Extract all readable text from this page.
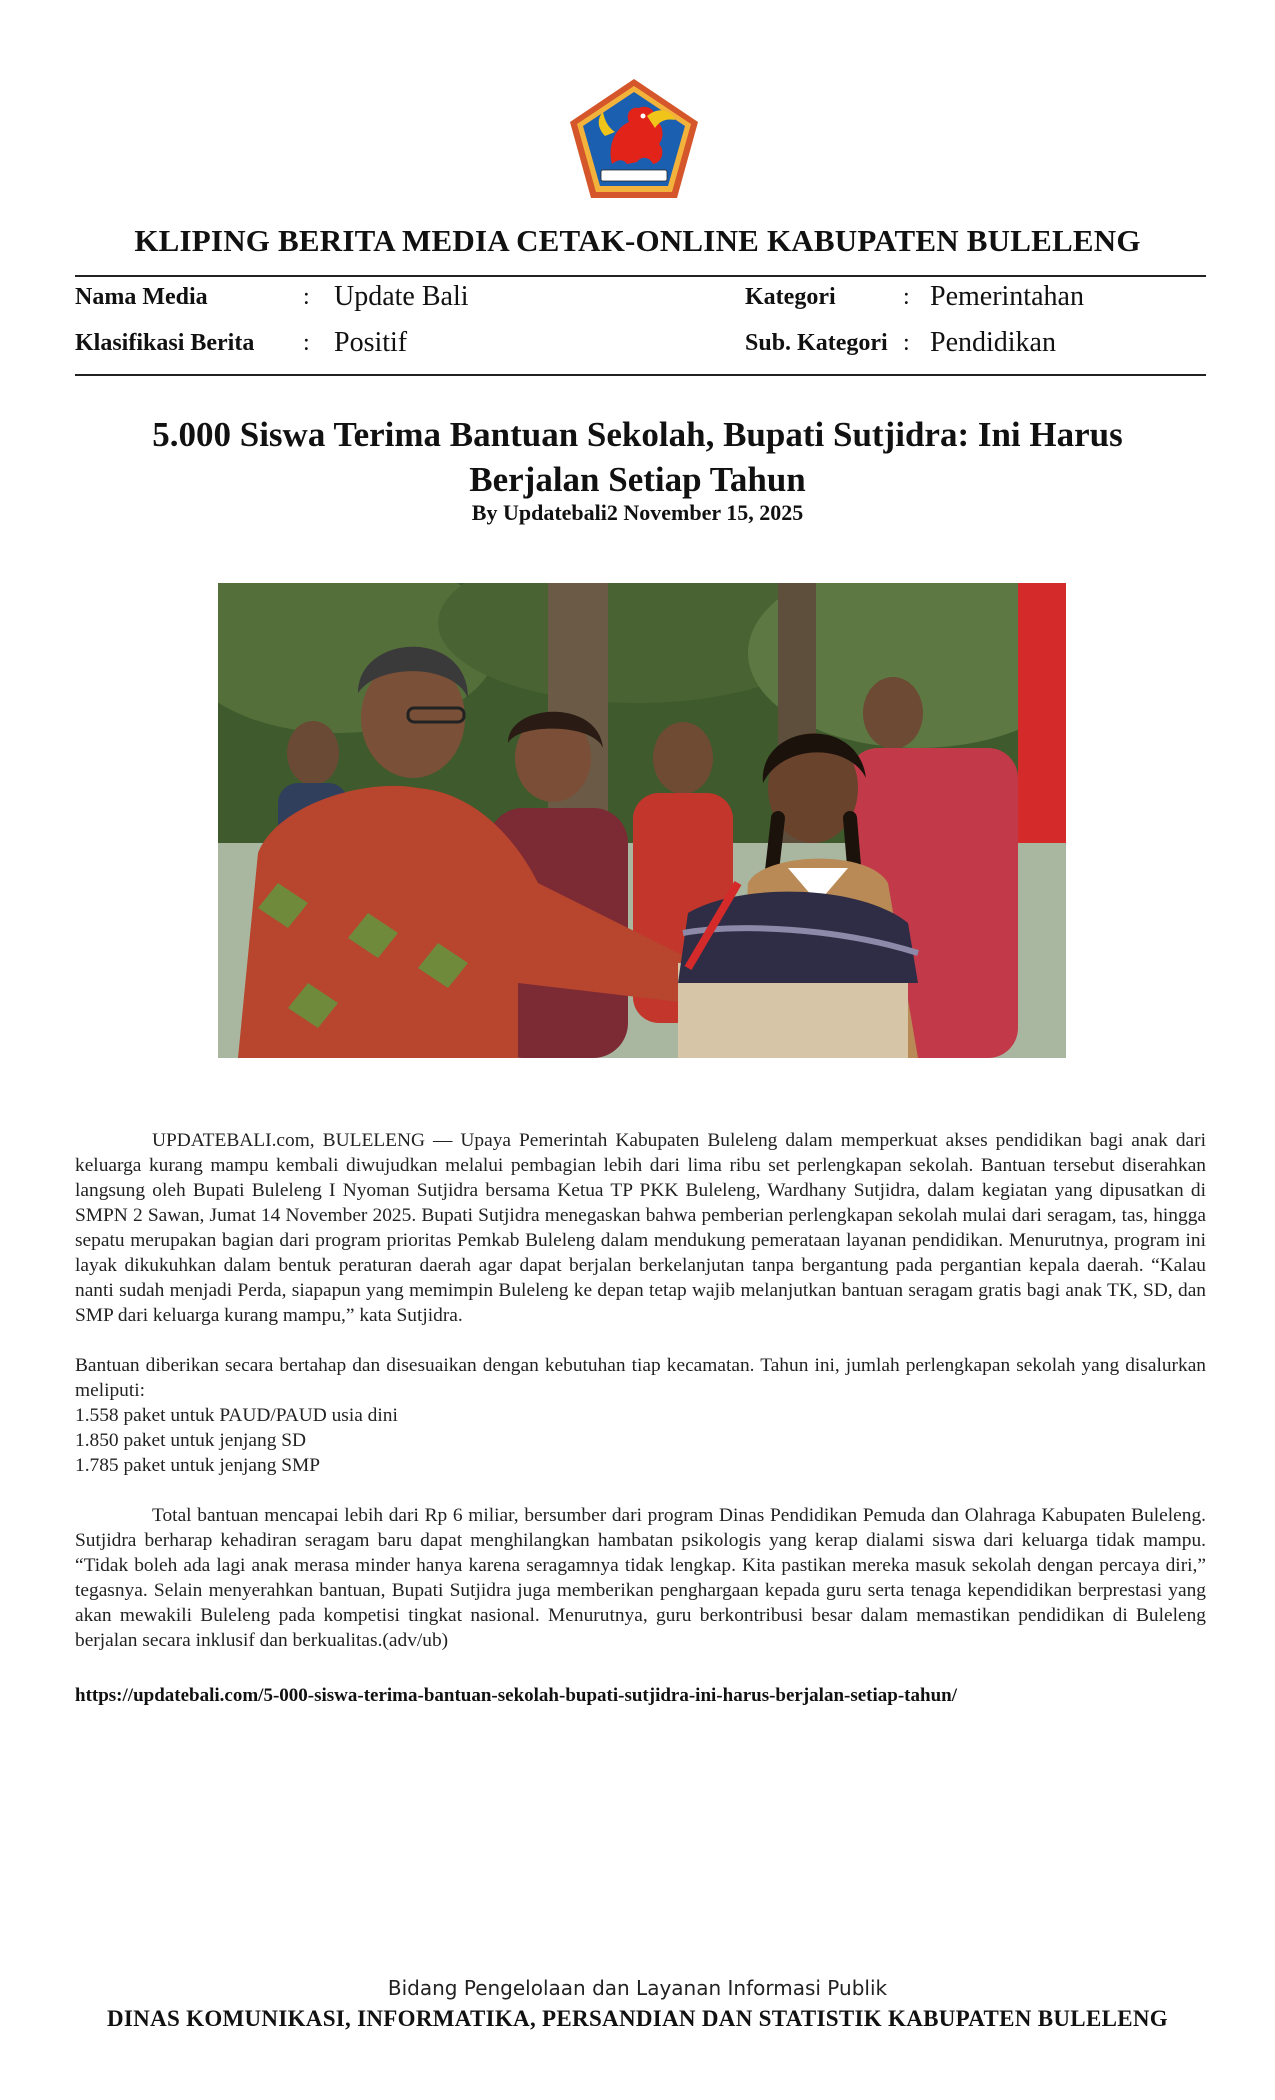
KLIPING BERITA MEDIA CETAK-ONLINE KABUPATEN BULELENG
Nama Media	: Update Bali
Klasifikasi Berita : Positif
Kategori	: Pemerintahan
Sub. Kategori : Pendidikan
5.000 Siswa Terima Bantuan Sekolah, Bupati Sutjidra: Ini Harus Berjalan Setiap Tahun
By Updatebali2 November 15, 2025

UPDATEBALI.com, BULELENG — Upaya Pemerintah Kabupaten Buleleng dalam memperkuat akses pendidikan bagi anak dari keluarga kurang mampu kembali diwujudkan melalui pembagian lebih dari lima ribu set perlengkapan sekolah. Bantuan tersebut diserahkan langsung oleh Bupati Buleleng I Nyoman Sutjidra bersama Ketua TP PKK Buleleng, Wardhany Sutjidra, dalam kegiatan yang dipusatkan di SMPN 2 Sawan, Jumat 14 November 2025. Bupati Sutjidra menegaskan bahwa pemberian perlengkapan sekolah mulai dari seragam, tas, hingga sepatu merupakan bagian dari program prioritas Pemkab Buleleng dalam mendukung pemerataan layanan pendidikan. Menurutnya, program ini layak dikukuhkan dalam bentuk peraturan daerah agar dapat berjalan berkelanjutan tanpa bergantung pada pergantian kepala daerah. “Kalau nanti sudah menjadi Perda, siapapun yang memimpin Buleleng ke depan tetap wajib melanjutkan bantuan seragam gratis bagi anak TK, SD, dan SMP dari keluarga kurang mampu,” kata Sutjidra.

Bantuan diberikan secara bertahap dan disesuaikan dengan kebutuhan tiap kecamatan. Tahun ini, jumlah perlengkapan sekolah yang disalurkan meliputi:
1.558 paket untuk PAUD/PAUD usia dini
1.850 paket untuk jenjang SD
1.785 paket untuk jenjang SMP

Total bantuan mencapai lebih dari Rp 6 miliar, bersumber dari program Dinas Pendidikan Pemuda dan Olahraga Kabupaten Buleleng. Sutjidra berharap kehadiran seragam baru dapat menghilangkan hambatan psikologis yang kerap dialami siswa dari keluarga tidak mampu. “Tidak boleh ada lagi anak merasa minder hanya karena seragamnya tidak lengkap. Kita pastikan mereka masuk sekolah dengan percaya diri,” tegasnya. Selain menyerahkan bantuan, Bupati Sutjidra juga memberikan penghargaan kepada guru serta tenaga kependidikan berprestasi yang akan mewakili Buleleng pada kompetisi tingkat nasional. Menurutnya, guru berkontribusi besar dalam memastikan pendidikan di Buleleng berjalan secara inklusif dan berkualitas.(adv/ub)

https://updatebali.com/5-000-siswa-terima-bantuan-sekolah-bupati-sutjidra-ini-harus-berjalan-setiap-tahun/
Bidang Pengelolaan dan Layanan Informasi Publik
DINAS KOMUNIKASI, INFORMATIKA, PERSANDIAN DAN STATISTIK KABUPATEN BULELENG
